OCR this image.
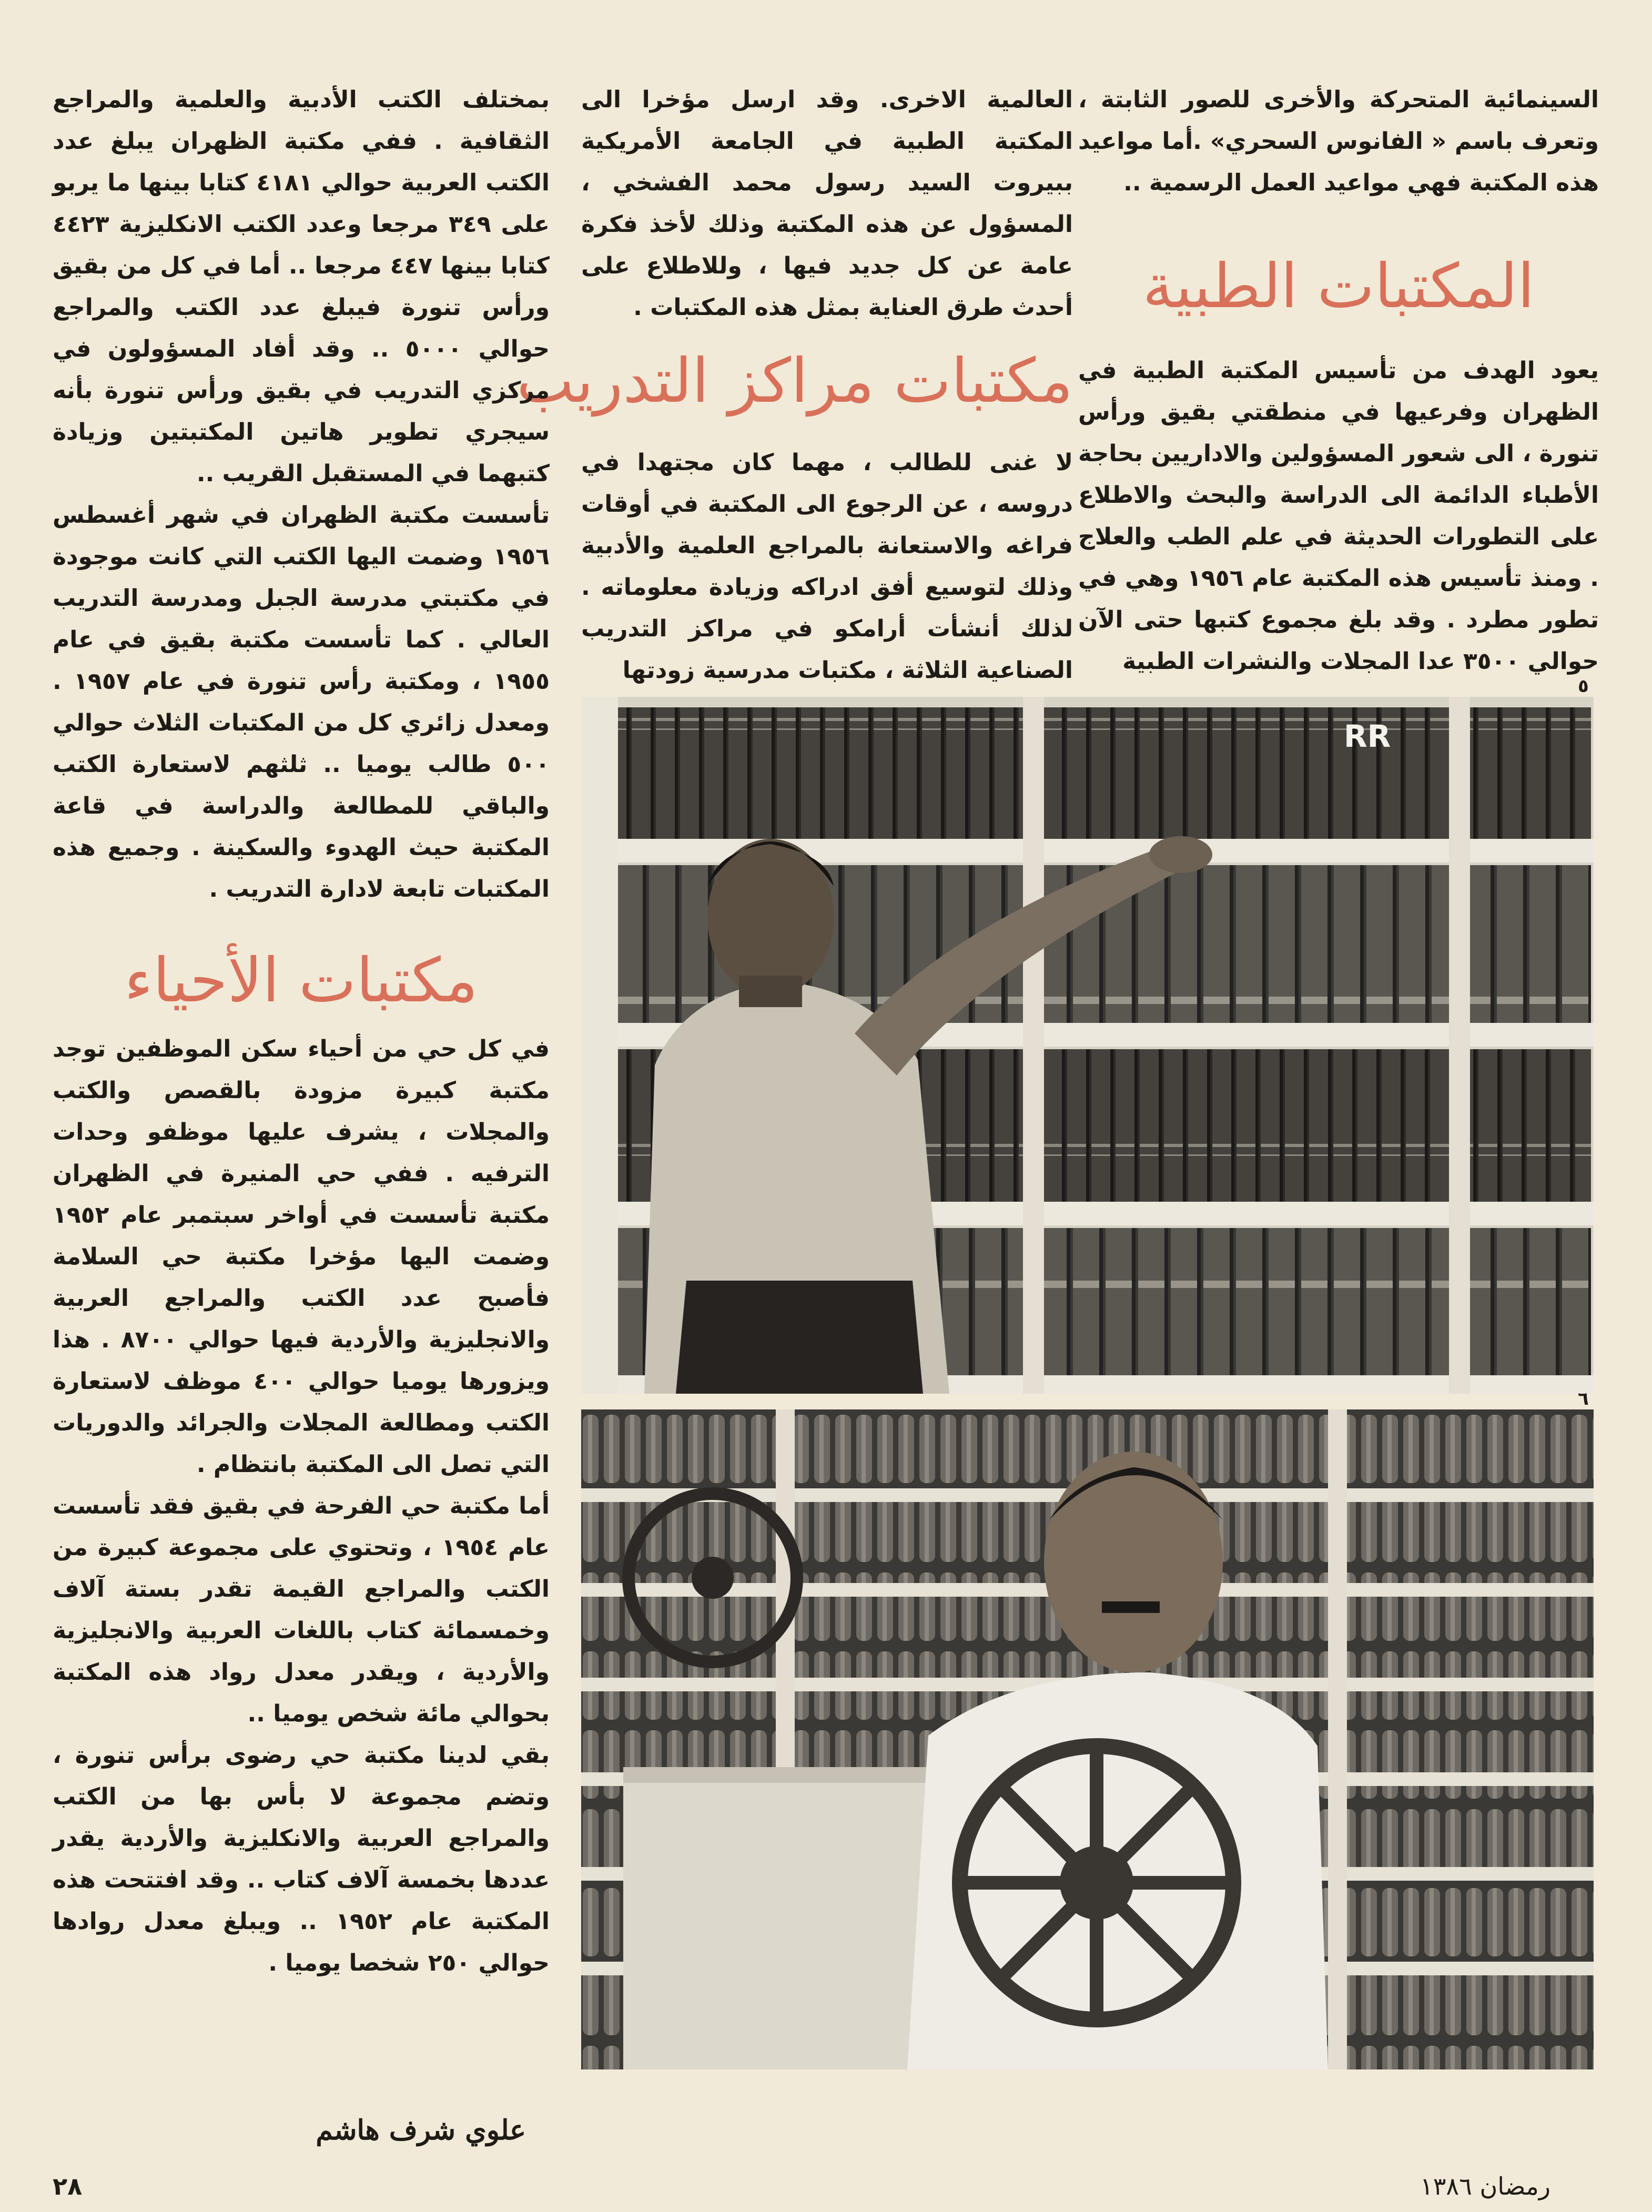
السينمائية المتحركة والأخرى للصور الثابتة ، وتعرف باسم « الفانوس السحري» .أما مواعيد هذه المكتبة فهي مواعيد العمل الرسمية ..

المكتبات الطبية

يعود الهدف من تأسيس المكتبة الطبية في الظهران وفرعيها في منطقتي بقيق ورأس تنورة ، الى شعور المسؤولين والاداريين بحاجة الأطباء الدائمة الى الدراسة والبحث والاطلاع على التطورات الحديثة في علم الطب والعلاج . ومنذ تأسيس هذه المكتبة عام ١٩٥٦ وهي في تطور مطرد . وقد بلغ مجموع كتبها حتى الآن حوالي ٣٥٠٠ عدا المجلات والنشرات الطبية

العالمية الاخرى. وقد ارسل مؤخرا الى المكتبة الطبية في الجامعة الأمريكية ببيروت السيد رسول محمد الفشخي ، المسؤول عن هذه المكتبة وذلك لأخذ فكرة عامة عن كل جديد فيها ، وللاطلاع على أحدث طرق العناية بمثل هذه المكتبات .

مكتبات مراكز التدريب

لا غنى للطالب ، مهما كان مجتهدا في دروسه ، عن الرجوع الى المكتبة في أوقات فراغه والاستعانة بالمراجع العلمية والأدبية وذلك لتوسيع أفق ادراكه وزيادة معلوماته . لذلك أنشأت أرامكو في مراكز التدريب الصناعية الثلاثة ، مكتبات مدرسية زودتها

بمختلف الكتب الأدبية والعلمية والمراجع الثقافية . ففي مكتبة الظهران يبلغ عدد الكتب العربية حوالي ٤١٨١ كتابا بينها ما يربو على ٣٤٩ مرجعا وعدد الكتب الانكليزية ٤٤٢٣ كتابا بينها ٤٤٧ مرجعا .. أما في كل من بقيق ورأس تنورة فيبلغ عدد الكتب والمراجع حوالي ٥٠٠٠ .. وقد أفاد المسؤولون في مركزي التدريب في بقيق ورأس تنورة بأنه سيجري تطوير هاتين المكتبتين وزيادة كتبهما في المستقبل القريب ..

تأسست مكتبة الظهران في شهر أغسطس ١٩٥٦ وضمت اليها الكتب التي كانت موجودة في مكتبتي مدرسة الجبل ومدرسة التدريب العالي . كما تأسست مكتبة بقيق في عام ١٩٥٥ ، ومكتبة رأس تنورة في عام ١٩٥٧ . ومعدل زائري كل من المكتبات الثلاث حوالي ٥٠٠ طالب يوميا .. ثلثهم لاستعارة الكتب والباقي للمطالعة والدراسة في قاعة المكتبة حيث الهدوء والسكينة . وجميع هذه المكتبات تابعة لادارة التدريب .

مكتبات الأحياء

في كل حي من أحياء سكن الموظفين توجد مكتبة كبيرة مزودة بالقصص والكتب والمجلات ، يشرف عليها موظفو وحدات الترفيه . ففي حي المنيرة في الظهران مكتبة تأسست في أواخر سبتمبر عام ١٩٥٢ وضمت اليها مؤخرا مكتبة حي السلامة فأصبح عدد الكتب والمراجع العربية والانجليزية والأردية فيها حوالي ٨٧٠٠ . هذا ويزورها يوميا حوالي ٤٠٠ موظف لاستعارة الكتب ومطالعة المجلات والجرائد والدوريات التي تصل الى المكتبة بانتظام .

أما مكتبة حي الفرحة في بقيق فقد تأسست عام ١٩٥٤ ، وتحتوي على مجموعة كبيرة من الكتب والمراجع القيمة تقدر بستة آلاف وخمسمائة كتاب باللغات العربية والانجليزية والأردية ، ويقدر معدل رواد هذه المكتبة بحوالي مائة شخص يوميا ..

بقي لدينا مكتبة حي رضوى برأس تنورة ، وتضم مجموعة لا بأس بها من الكتب والمراجع العربية والانكليزية والأردية يقدر عددها بخمسة آلاف كتاب .. وقد افتتحت هذه المكتبة عام ١٩٥٢ .. ويبلغ معدل روادها حوالي ٢٥٠ شخصا يوميا .

علوي شرف هاشم
RR
٥
٦
٢٨	رمضان ١٣٨٦
